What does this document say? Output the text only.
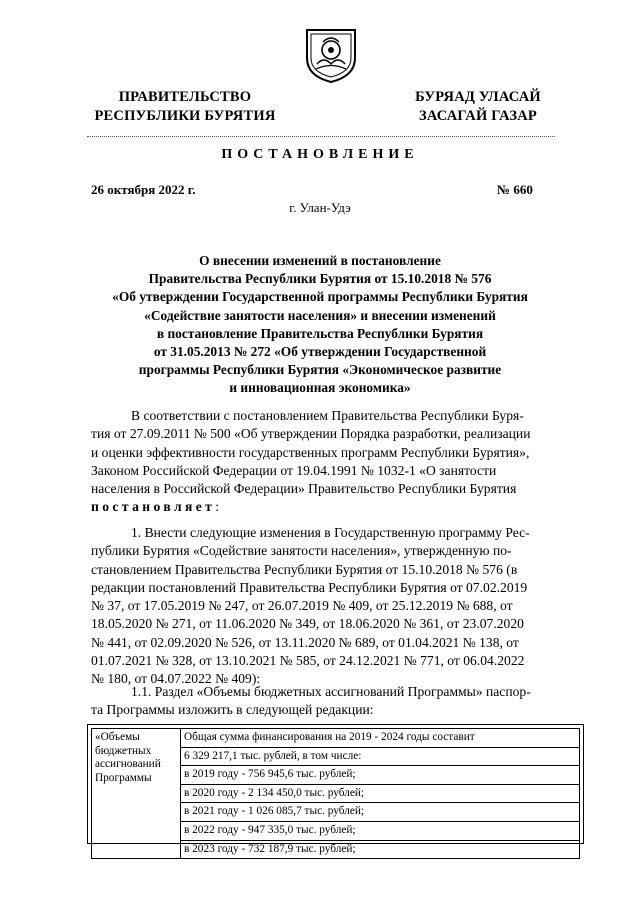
ПРАВИТЕЛЬСТВО
РЕСПУБЛИКИ БУРЯТИЯ
БУРЯАД УЛАСАЙ
ЗАСАГАЙ ГАЗАР
ПОСТАНОВЛЕНИЕ
26 октября 2022 г.	№ 660
г. Улан-Удэ
О внесении изменений в постановление
Правительства Республики Бурятия от 15.10.2018 № 576
«Об утверждении Государственной программы Республики Бурятия
«Содействие занятости населения» и внесении изменений
в постановление Правительства Республики Бурятия
от 31.05.2013 № 272 «Об утверждении Государственной
программы Республики Бурятия «Экономическое развитие
и инновационная экономика»
В соответствии с постановлением Правительства Республики Буря-
тия от 27.09.2011 № 500 «Об утверждении Порядка разработки, реализации
и оценки эффективности государственных программ Республики Бурятия»,
Законом Российской Федерации от 19.04.1991 № 1032-1 «О занятости
населения в Российской Федерации» Правительство Республики Бурятия
постановляет:
1. Внести следующие изменения в Государственную программу Рес-
публики Бурятия «Содействие занятости населения», утвержденную по-
становлением Правительства Республики Бурятия от 15.10.2018 № 576 (в
редакции постановлений Правительства Республики Бурятия от 07.02.2019
№ 37, от 17.05.2019 № 247, от 26.07.2019 № 409, от 25.12.2019 № 688, от
18.05.2020 № 271, от 11.06.2020 № 349, от 18.06.2020 № 361, от 23.07.2020
№ 441, от 02.09.2020 № 526, от 13.11.2020 № 689, от 01.04.2021 № 138, от
01.07.2021 № 328, от 13.10.2021 № 585, от 24.12.2021 № 771, от 06.04.2022
№ 180, от 04.07.2022 № 409):
1.1. Раздел «Объемы бюджетных ассигнований Программы» паспор-
та Программы изложить в следующей редакции:
«Объемы
бюджетных
ассигнований
Программы
	Общая сумма финансирования на 2019 - 2024 годы составит
6 329 217,1 тыс. рублей, в том числе:
в 2019 году - 756 945,6 тыс. рублей;
в 2020 году - 2 134 450,0 тыс. рублей;
в 2021 году - 1 026 085,7 тыс. рублей;
в 2022 году - 947 335,0 тыс. рублей;
в 2023 году - 732 187,9 тыс. рублей;
